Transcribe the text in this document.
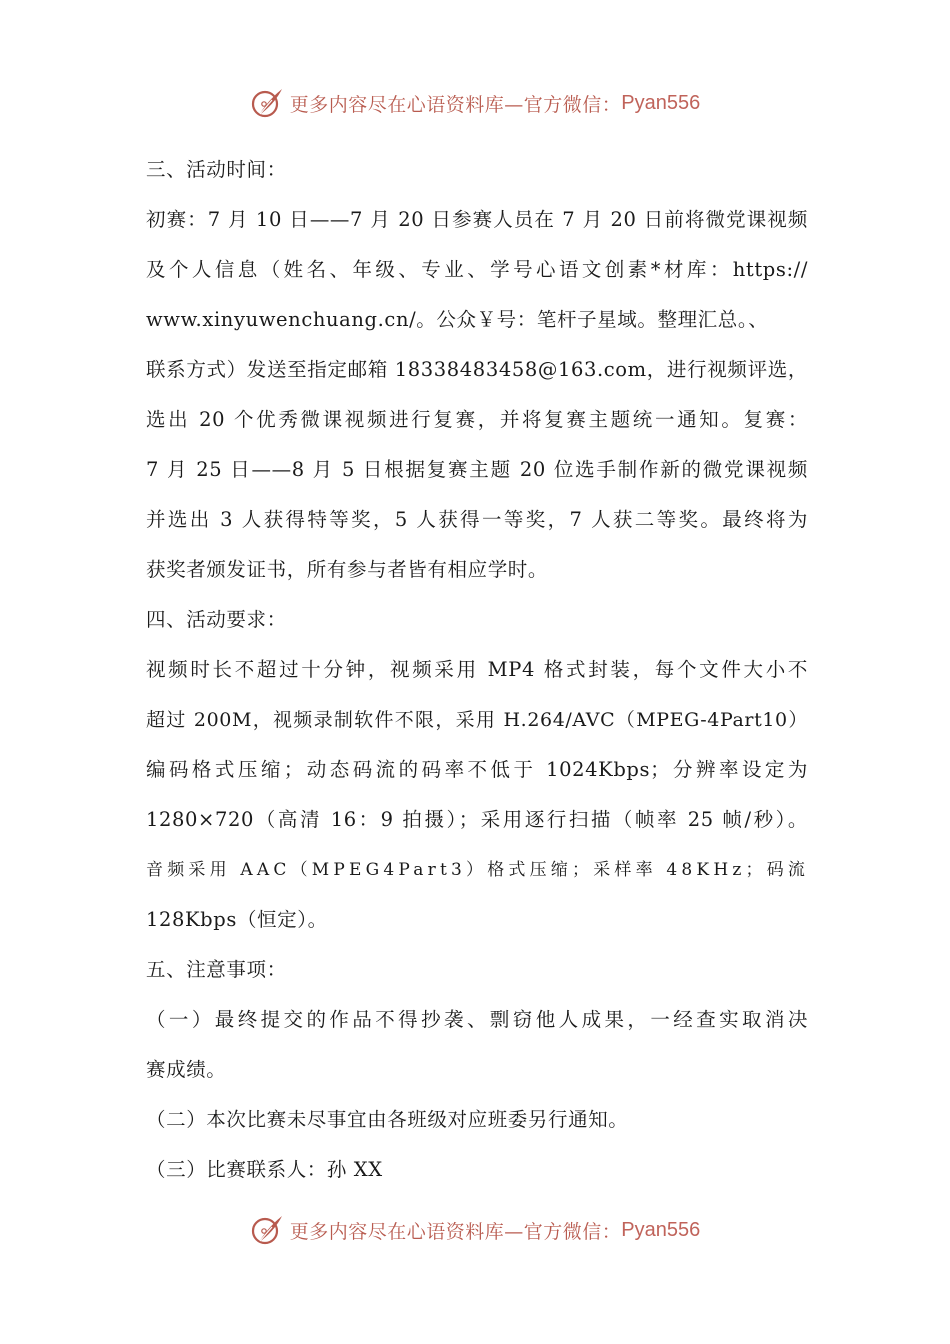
更多内容尽在心语资料库—官方微信： Pyan556
三、活动时间：
初赛：7 月 10 日——7 月 20 日参赛人员在 7 月 20 日前将微党课视频
及个人信息（姓名、年级、专业、学号心语文创素*材库：https://
www.xinyuwenchuang.cn/。公众￥号：笔杆子星域。整理汇总。、
联系方式）发送至指定邮箱 18338483458@163.com，进行视频评选，
选出 20 个优秀微课视频进行复赛，并将复赛主题统一通知。复赛：
7 月 25 日——8 月 5 日根据复赛主题 20 位选手制作新的微党课视频
并选出 3 人获得特等奖，5 人获得一等奖，7 人获二等奖。最终将为
获奖者颁发证书，所有参与者皆有相应学时。
四、活动要求：
视频时长不超过十分钟，视频采用 MP4 格式封装，每个文件大小不
超过 200M，视频录制软件不限，采用 H.264/AVC（MPEG-4Part10）
编码格式压缩；动态码流的码率不低于 1024Kbps；分辨率设定为
1280×720（高清 16：9 拍摄）；采用逐行扫描（帧率 25 帧/秒）。
音频采用 AAC（MPEG4Part3）格式压缩；采样率 48KHz；码流
128Kbps（恒定）。
五、注意事项：
（一）最终提交的作品不得抄袭、剽窃他人成果，一经查实取消决
赛成绩。
（二）本次比赛未尽事宜由各班级对应班委另行通知。
（三）比赛联系人：孙 XX
更多内容尽在心语资料库—官方微信： Pyan556
